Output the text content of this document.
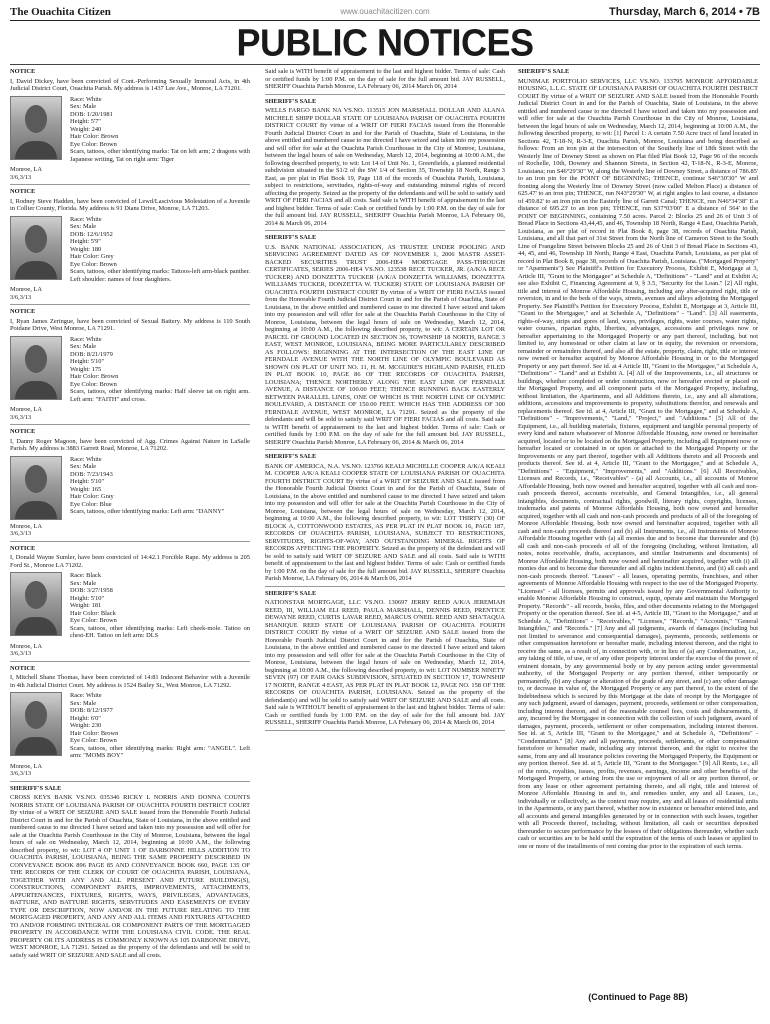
The Ouachita Citizen	www.ouachitacitizen.com	Thursday, March 6, 2014 • 7B
PUBLIC NOTICES

NOTICE

I, David Dickey, have been convicted of Cont.-Performing Sexually Immoral Acts, in 4th Judicial District Court, Ouachita Parish. My address is 1437 Lee Ave., Monroe, LA 71201.

Race: White
Sex: Male
DOB: 1/20/1981
Height: 5'7"
Weight: 240
Hair Color: Brown
Eye Color: Brown
Scars, tattoos, other identifying marks: Tat on left arm; 2 dragons with Japanese writing, Tat on right arm: Tiger

Monroe, LA
3/6,3/13

NOTICE

I, Rodney Steve Hadden, have been convicted of Lewd/Lascivious Molestation of a Juvenile in Collier County, Florida. My address is 91 Dians Drive, Monroe, LA 71203.

Race: White
Sex: Male
DOB: 12/6/1952
Height: 5'9"
Weight: 180
Hair Color: Grey
Eye Color: Brown
Scars, tattoos, other identifying marks: Tattoos-left arm-black panther. Left shoulder: names of four daughters.

Monroe, LA
3/6,3/13

NOTICE

I, Ryan James Zeringue, have been convicted of Sexual Battery. My address is 110 South Poidane Drive, West Monroe, LA 71291.

Race: White
Sex: Male
DOB: 8/21/1979
Height: 5'10"
Weight: 175
Hair Color: Brown
Eye Color: Brown
Scars, tattoos, other identifying marks: Half sleeve tat on right arm. Left arm: "FAITH" and cross.

Monroe, LA
3/6,3/13

NOTICE

I, Danny Roger Magoon, have been convicted of Agg. Crimes Against Nature in LaSalle Parish. My address is 3883 Garrett Road, Monroe, LA 71202.

Race: White
Sex: Male
DOB: 7/23/1943
Height: 5'10"
Weight: 165
Hair Color: Gray
Eye Color: Blue
Scars, tattoos, other identifying marks: Left arm: "DANNY"

Monroe, LA
3/6,3/13

NOTICE

I, Donald Wayne Sumler, have been convicted of 14:42.1 Forcible Rape. My address is 205 Ford St., Monroe LA 71202.

Race: Black
Sex: Male
DOB: 3/27/1958
Height: 5'10"
Weight: 181
Hair Color: Black
Eye Color: Brown
Scars, tattoos, other identifying marks: Left cheek-mole. Tattoo on chest-EH. Tattoo on left arm: DLS

Monroe, LA
3/6,3/13

NOTICE

I, Mitchell Shane Thomas, have been convicted of 14:81 Indecent Behavior with a Juvenile in 4th Judicial District Court. My address is 1524 Bailey St., West Monroe, LA 71292.

Race: White
Sex: Male
DOB: 8/12/1977
Height: 6'0"
Weight: 230
Hair Color: Brown
Eye Color: Brown
Scars, tattoos, other identifying marks: Right arm: "ANGEL". Left arm: "MOMS BOY"

Monroe, LA
3/6,3/13

SHERIFF'S SALE

CROSS KEYS BANK VS.NO. 035346 RICKY L NORRIS AND DONNA COUNTS NORRIS STATE OF LOUISIANA PARISH OF OUACHITA FOURTH DISTRICT COURT By virtue of a WRIT OF SEIZURE AND SALE issued from the Honorable Fourth Judicial District Court in and for the Parish of Ouachita, State of Louisiana, in the above entitled and numbered cause to me directed I have seized and taken into my possession and will offer for sale at the Ouachita Parish Courthouse in the City of Monroe, Louisiana, between the legal hours of sale on Wednesday, March 12, 2014, beginning at 10:00 A.M., the following described property, to wit: LOT 4 OF UNIT 1 OF DARBONNE HILLS ADDITION TO OUACHITA PARISH, LOUISIANA, BEING THE SAME PROPERTY DESCRIBED IN CONVEYANCE BOOK 896 PAGE 85 AND CONVEYANCE BOOK 660, PAGE 135 OF THE RECORDS OF THE CLERK OF COURT OF OUACHITA PARISH, LOUISIANA, TOGETHER WITH ANY AND ALL PRESENT AND FUTURE BUILDING(S), CONSTRUCTIONS, COMPONENT PARTS, IMPROVEMENTS, ATTACHMENTS, APPURTENANCES, FIXTURES, RIGHTS, WAYS, PRIVILEGES, ADVANTAGES, BATTURE, AND BATTURE RIGHTS, SERVITUDES AND EASEMENTS OF EVERY TYPE OR DESCRIPTION, NOW AND/OR IN THE FUTURE RELATING TO THE MORTGAGED PROPERTY, AND ANY AND ALL ITEMS AND FIXTURES ATTACHED TO AND/OR FORMING INTEGRAL OR COMPONENT PARTS OF THE MORTGAGED PROPERTY IN ACCORDANCE WITH THE LOUISIANA CIVIL CODE. THE REAL PROPERTY OR ITS ADDRESS IS COMMONLY KNOWN AS 105 DARBONNE DRIVE, WEST MONROE, LA 71291. Seized as the property of the defendants and will be sold to satisfy said WRIT OF SEIZURE AND SALE and all costs.

Said sale is WITH benefit of appraisement to the last and highest bidder. Terms of sale: Cash or certified funds by 1:00 P.M. on the day of sale for the full amount bid. JAY RUSSELL, SHERIFF Ouachita Parish Monroe, LA February 06, 2014 March 06, 2014

SHERIFF'S SALE

WELLS FARGO BANK NA VS.NO. 113515 JON MARSHALL DOLLAR AND ALANA MICHELE SHIPP DOLLAR STATE OF LOUISIANA PARISH OF OUACHITA FOURTH DISTRICT COURT By virtue of a WRIT OF FIERI FACIAS issued from the Honorable Fourth Judicial District Court in and for the Parish of Ouachita, State of Louisiana, in the above entitled and numbered cause to me directed I have seized and taken into my possession and will offer for sale at the Ouachita Parish Courthouse in the City of Monroe, Louisiana, between the legal hours of sale on Wednesday, March 12, 2014, beginning at 10:00 A.M., the following described property, to wit: Lot 14 of Unit No. 1, Greenfields, a planned residential subdivision situated in the S1/2 of the SW 1/4 of Section 35, Township 18 North, Range 3 East, as per plat in Plat Book 19, Page 118 of the records of Ouachita Parish, Louisiana, subject to restrictions, servitudes, rights-of-way and outstanding mineral rights of record affecting the property. Seized as the property of the defendants and will be sold to satisfy said WRIT OF FIERI FACIAS and all costs. Said sale is WITH benefit of appraisement to the last and highest bidder. Terms of sale: Cash or certified funds by 1:00 P.M. on the day of sale for the full amount bid. JAY RUSSELL, SHERIFF Ouachita Parish Monroe, LA February 06, 2014 & March 06, 2014

SHERIFF'S SALE

U.S. BANK NATIONAL ASSOCIATION, AS TRUSTEE UNDER POOLING AND SERVICING AGREEMENT DATED AS OF NOVEMBER 1, 2006 MASTR ASSET-BACKED SECURITIES TRUST 2006-HE4 MORTGAGE PASS-THROUGH CERTIFICATES, SERIES 2006-HE4 VS.NO. 123538 RECE TUCKER, JR. (A/K/A RECE TUCKER) AND DONZETTA TUCKER (A/K/A DONZETTA WILLIAMS, DONZETTA WILLIAMS TUCKER, DONZETTA W. TUCKER) STATE OF LOUISIANA PARISH OF OUACHITA FOURTH DISTRICT COURT By virtue of a WRIT OF FIERI FACIAS issued from the Honorable Fourth Judicial District Court in and for the Parish of Ouachita, State of Louisiana, in the above entitled and numbered cause to me directed I have seized and taken into my possession and will offer for sale at the Ouachita Parish Courthouse in the City of Monroe, Louisiana, between the legal hours of sale on Wednesday, March 12, 2014, beginning at 10:00 A.M., the following described property, to wit: A CERTAIN LOT OR PARCEL OF GROUND LOCATED IN SECTION 36, TOWNSHIP 18 NORTH, RANGE 3 EAST, WEST MONROE, LOUISIANA, BEING MORE PARTICULARLY DESCRIBED AS FOLLOWS: BEGINNING AT THE INTERSECTION OF THE EAST LINE OF FERNDALE AVENUE WITH THE NORTH LINE OF OLYMPIC BOULEVARD AS SHOWN ON PLAT OF UNIT NO. 11, H. M. MCGUIRE'S HIGHLAND PARISH, FILED IN PLAT BOOK 10, PAGE 86 OF THE RECORDS OF OUACHITA PARISH, LOUISIANA; THENCE NORTHERLY ALONG THE EAST LINE OF FERNDALE AVENUE, A DISTANCE OF 100.00 FEET; THENCE RUNNING BACK EASTERLY BETWEEN PARALLEL LINES, ONE OF WHICH IS THE NORTH LINE OF OLYMPIC BOULEVARD, A DISTANCE OF 150.00 FEET. WHICH HAS THE ADDRESS OF 300 FERNDALE AVENUE, WEST MONROE, LA 71291. Seized as the property of the defendants and will be sold to satisfy said WRIT OF FIERI FACIAS and all costs. Said sale is WITH benefit of appraisement to the last and highest bidder. Terms of sale: Cash or certified funds by 1:00 P.M. on the day of sale for the full amount bid. JAY RUSSELL, SHERIFF Ouachita Parish Monroe, LA February 06, 2014 & March 06, 2014

SHERIFF'S SALE

BANK OF AMERICA, N.A. VS.NO. 123766 KEALI MICHELLE COOPER A/K/A KEALI M. COOPER A/K/A KEALI COOPER STATE OF LOUISIANA PARISH OF OUACHITA FOURTH DISTRICT COURT By virtue of a WRIT OF SEIZURE AND SALE issued from the Honorable Fourth Judicial District Court in and for the Parish of Ouachita, State of Louisiana, in the above entitled and numbered cause to me directed I have seized and taken into my possession and will offer for sale at the Ouachita Parish Courthouse in the City of Monroe, Louisiana, between the legal hours of sale on Wednesday, March 12, 2014, beginning at 10:00 A.M., the following described property, to wit: LOT THIRTY (30) OF BLOCK A, COTTONWOOD ESTATES, AS PER PLAT IN PLAT BOOK 16, PAGE 187, RECORDS OF OUACHITA PARISH, LOUISIANA, SUBJECT TO RESTRICTIONS, SERVITUDES, RIGHTS-OF-WAY, AND OUTSTANDING MINERAL RIGHTS OF RECORDS AFFECTING THE PROPERTY. Seized as the property of the defendant and will be sold to satisfy said WRIT OF SEIZURE AND SALE and all costs. Said sale is WITH benefit of appraisement to the last and highest bidder. Terms of sale: Cash or certified funds by 1:00 P.M. on the day of sale for the full amount bid. JAY RUSSELL, SHERIFF Ouachita Parish Monroe, LA February 06, 2014 & March 06, 2014

SHERIFF'S SALE

NATIONSTAR MORTGAGE, LLC VS.NO. 130697 JERRY REED A/K/A JEREMIAH REED, III, WILLIAM ELI REED, PAULA MARSHALL, DENNIS REED, PRENTICE DEWAYNE REED, CURTIS LAVAR REED, MARCUS O'NEIL REED AND SHA'TAQUA SHANIQUE REED STATE OF LOUISIANA PARISH OF OUACHITA FOURTH DISTRICT COURT By virtue of a WRIT OF SEIZURE AND SALE issued from the Honorable Fourth Judicial District Court in and for the Parish of Ouachita, State of Louisiana, in the above entitled and numbered cause to me directed I have seized and taken into my possession and will offer for sale at the Ouachita Parish Courthouse in the City of Monroe, Louisiana, between the legal hours of sale on Wednesday, March 12, 2014, beginning at 10:00 A.M., the following described property, to wit: LOT NUMBER NINETY SEVEN (97) OF FAIR OAKS SUBDIVISION, SITUATED IN SECTION 17, TOWNSHIP 17 NORTH, RANGE 4 EAST, AS PER PLAT IN PLAT BOOK 12, PAGE NO. 158 OF THE RECORDS OF OUACHITA PARISH, LOUISIANA. Seized as the property of the defendant(s) and will be sold to satisfy said WRIT OF SEIZURE AND SALE and all costs. Said sale is WITHOUT benefit of appraisement to the last and highest bidder. Terms of sale: Cash or certified funds by 1:00 P.M. on the day of sale for the full amount bid. JAY RUSSELL, SHERIFF Ouachita Parish Monroe, LA February 06, 2014 & March 06, 2014

SHERIFF'S SALE

MUNIMAE PORTFOLIO SERVICES, LLC VS.NO. 133795 MONROE AFFORDABLE HOUSING, L.L.C. STATE OF LOUISIANA PARISH OF OUACHITA FOURTH DISTRICT COURT By virtue of a WRIT OF SEIZURE AND SALE issued from the Honorable Fourth Judicial District Court in and for the Parish of Ouachita, State of Louisiana, in the above entitled and numbered cause to me directed I have seized and taken into my possession and will offer for sale at the Ouachita Parish Courthouse in the City of Monroe, Louisiana, between the legal hours of sale on Wednesday, March 12, 2014, beginning at 10:00 A.M., the following described property, to wit: [1] Parcel 1: A certain 7.50 Acre tract of land located in Sections 42, T-18-N, R-3-E, Ouachita Parish, Monroe, Louisiana and being described as follows: From an iron pin at the intersection of the Southerly line of 18th Street with the Westerly line of Downey Street as shown on Plat filed Plat Book 12, Page 96 of the records of Rochelle, 10th, Downey and Shannon Streets, in Section 42, T-18-N., R-3-E, Monroe, Louisiana; run S46°29'30" W, along the Westerly line of Downey Street, a distance of 786.85' to an iron pin for the POINT OF BEGINNING; THENCE, continue S46°30'30" W and fronting along the Westerly line of Downey Street (now called Melton Place) a distance of 625.47' to an iron pin; THENCE, run N43°29'30" W, at right angles to last course, a distance of 459.82' to an iron pin on the Easterly line of Garrett Canal; THENCE, run N46°34'38" E a distance of 695.23' to an iron pin; THENCE, run S37°03'00" E a distance of 564' to the POINT OF BEGINNING, containing 7.50 acres. Parcel 2: Blocks 25 and 26 of Unit 3 of Bread Place in Sections 43,44,45, and 46, Township 18 North, Range 4 East, Ouachita Parish, Louisiana, as per plat of record in Plat Book 8, page 38, records of Ouachita Parish, Louisiana, and all that part of 31st Street from the North line of Cameron Street to the South Line of Frangeline Street between Blocks 25 and 26 of Unit 3 of Bread Place in Sections 43, 44, 45, and 46, Township 18 North, Range 4 East, Ouachita Parish, Louisiana, as per plat of record in Plat Book 8, page 38, records of Ouachita Parish, Louisiana. ("Mortgaged Property" or "Apartments") See Plaintiff's Petition for Executory Process, Exhibit E, Mortgage at 3, Article III, "Grant to the Mortgagee" at Schedule A, "Definitions" - "Land" and at Exhibit A; see also Exhibit C, Financing Agreement at 9, § 3.5, "Security for the Loan." [2] All right, title and interest of Monroe Affordable Housing, including any after-acquired right, title or reversion, in and to the beds of the ways, streets, avenues and alleys adjoining the Mortgaged Property. See Plaintiff's Petition for Executory Process, Exhibit E, Mortgage at 3, Article III, "Grant to the Mortgagee," and at Schedule A, "Definitions" - "Land". [3] All easements, rights-of-way, strips and gores of land, ways, privileges, rights, water courses, water rights, water courses, riparian rights, liberties, advantages, accessions and privileges now or hereafter appertaining to the Mortgaged Property or any part thereof, including, but not limited to, any homestead or other claim at law or in equity, the reversion or reversions, remainder or remainders thereof, and also all the estate, property, claim, right, title or interest now owned or hereafter acquired by Monroe Affordable Housing in or to the Mortgaged Property or any part thereof. See id. at 4 Article III, "Grant to the Mortgagee," at Schedule A, "Definitions" - "Land" and at Exhibit A. [4] All of the Improvements, i.e., all structures or buildings, whether completed or under construction, now or hereafter erected or placed on the Mortgaged Property, and all component parts of the Mortgaged Property, including, without limitation, the Apartments, and all Additions thereto, i.e., any and all alterations, additions, accessions and improvements to property, substitutions therefor, and renewals and replacements thereof. See id. at 4, Article III, "Grant to the Mortgagee," and at Schedule A, "Definitions" - "Improvements," "Land," "Project," and "Additions." [5] All of the Equipment, i.e., all building materials, fixtures, equipment and tangible personal property of every kind and nature whatsoever of Monroe Affordable Housing, now owned or hereinafter acquired, located or to be located on the Mortgaged Property, including all Equipment now or hereafter located or contained in or upon or attached to the Mortgaged Property or the Improvements or any part thereof, together with all Additions thereto and all Proceeds and products thereof. See id. at 4, Article III, "Grant to the Mortgagee," and at Schedule A, "Definitions" - "Equipment," "Improvements," and "Additions." [6] All Receivables, Licenses and Records, i.e., "Receivables" - (a) all Accounts, i.e., all accounts of Monroe Affordable Housing, both now owned and hereafter acquired, together with all cash and non-cash proceeds thereof, accounts receivable, and General Intangibles, i.e., all general intangibles, documents, contractual rights, goodwill, literary rights, copyrights, licenses, trademarks and patents of Monroe Affordable Housing, both now owned and hereafter acquired, together with all cash and non-cash proceeds and products of all of the foregoing of Monroe Affordable Housing, both now owned and hereinafter acquired, together with all cash and non-cash proceeds thereof and (b) all Instruments, i.e., all Instruments of Monroe Affordable Housing together with (a) all monies due and to become due thereunder and (b) all cash and non-cash proceeds of all of the foregoing (including, without limitation, all notes, notes receivable, drafts, acceptances, and similar Instruments and documents) of Monroe Affordable Housing, both now owned and hereinafter acquired, together with (i) all monies due and to become due thereunder and all rights incident thereto, and (ii) all cash and non-cash proceeds thereof. "Leases" - all leases, operating permits, franchises, and other agreements of Monroe Affordable Housing with respect to the use of the Mortgaged Property. "Licenses" - all licenses, permits and approvals issued by any Governmental Authority to enable Monroe Affordable Housing to construct, equip, operate and maintain the Mortgaged Property. "Records" - all records, books, files, and other documents relating to the Mortgaged Property or the operation thereof. See id. at 4-5, Article III, "Grant to the Mortgagee," and at Schedule A, "Definitions" - "Receivables," "Licenses," "Records," "Accounts," "General Intangibles," and "Records." [7] Any and all judgments, awards of damages (including but not limited to severance and consequential damages), payments, proceeds, settlements or other compensation heretofore or hereafter made, including interest thereon, and the right to receive the same, as a result of, in connection with, or in lieu of (a) any Condemnation, i.e., any taking of title, of use, or of any other property interest under the exercise of the power of eminent domain, by any governmental body or by any person acting under governmental authority, of the Mortgaged Property or any portion thereof, either temporarily or permanently, (b) any change or alteration of the grade of any street, and (c) any other damage to, or decrease in value of, the Mortgaged Property or any part thereof, to the extent of the Indebtedness which is secured by this Mortgage at the date of receipt by the Mortgagee of any such judgment, award of damages, payment, proceeds, settlement or other compensation, including interest thereon, and of the reasonable counsel fees, costs and disbursements, if any, incurred by the Mortgagee in connection with the collection of such judgment, award of damages, payment, proceeds, settlement or other compensation, including interest thereon. See id. at 5, Article III, "Grant to the Mortgagee," and at Schedule A, "Definitions" - "Condemnation." [8] Any and all payments, proceeds, settlements, or other compensation heretofore or hereafter made, including any interest thereon, and the right to receive the same, from any and all insurance policies covering the Mortgaged Property, the Equipment or any portion thereof. See id. at 5, Article III, "Grant to the Mortgagee." [9] All Rents, i.e., all of the rents, royalties, issues, profits, revenues, earnings, income and other benefits of the Mortgaged Property, or arising from the use or enjoyment of all or any portion thereof, or from any lease or other agreement pertaining thereto, and all right, title and interest of Monroe Affordable Housing in and to, and remedies under, any and all Leases, i.e., individually or collectively, as the context may require, any and all leases of residential units in the Apartments, or any part thereof, whether now in existence or hereafter entered into, and all accounts and general intangibles generated by or in connection with such leases, together with all Proceeds thereof, including, without limitation, all cash or securities deposited thereunder to secure performance by the lessees of their obligations thereunder, whether such cash or securities are to be held until the expiration of the terms of such leases or applied to one or more of the installments of rent coming due prior to the expiration of such terms.

(Continued to Page 8B)
